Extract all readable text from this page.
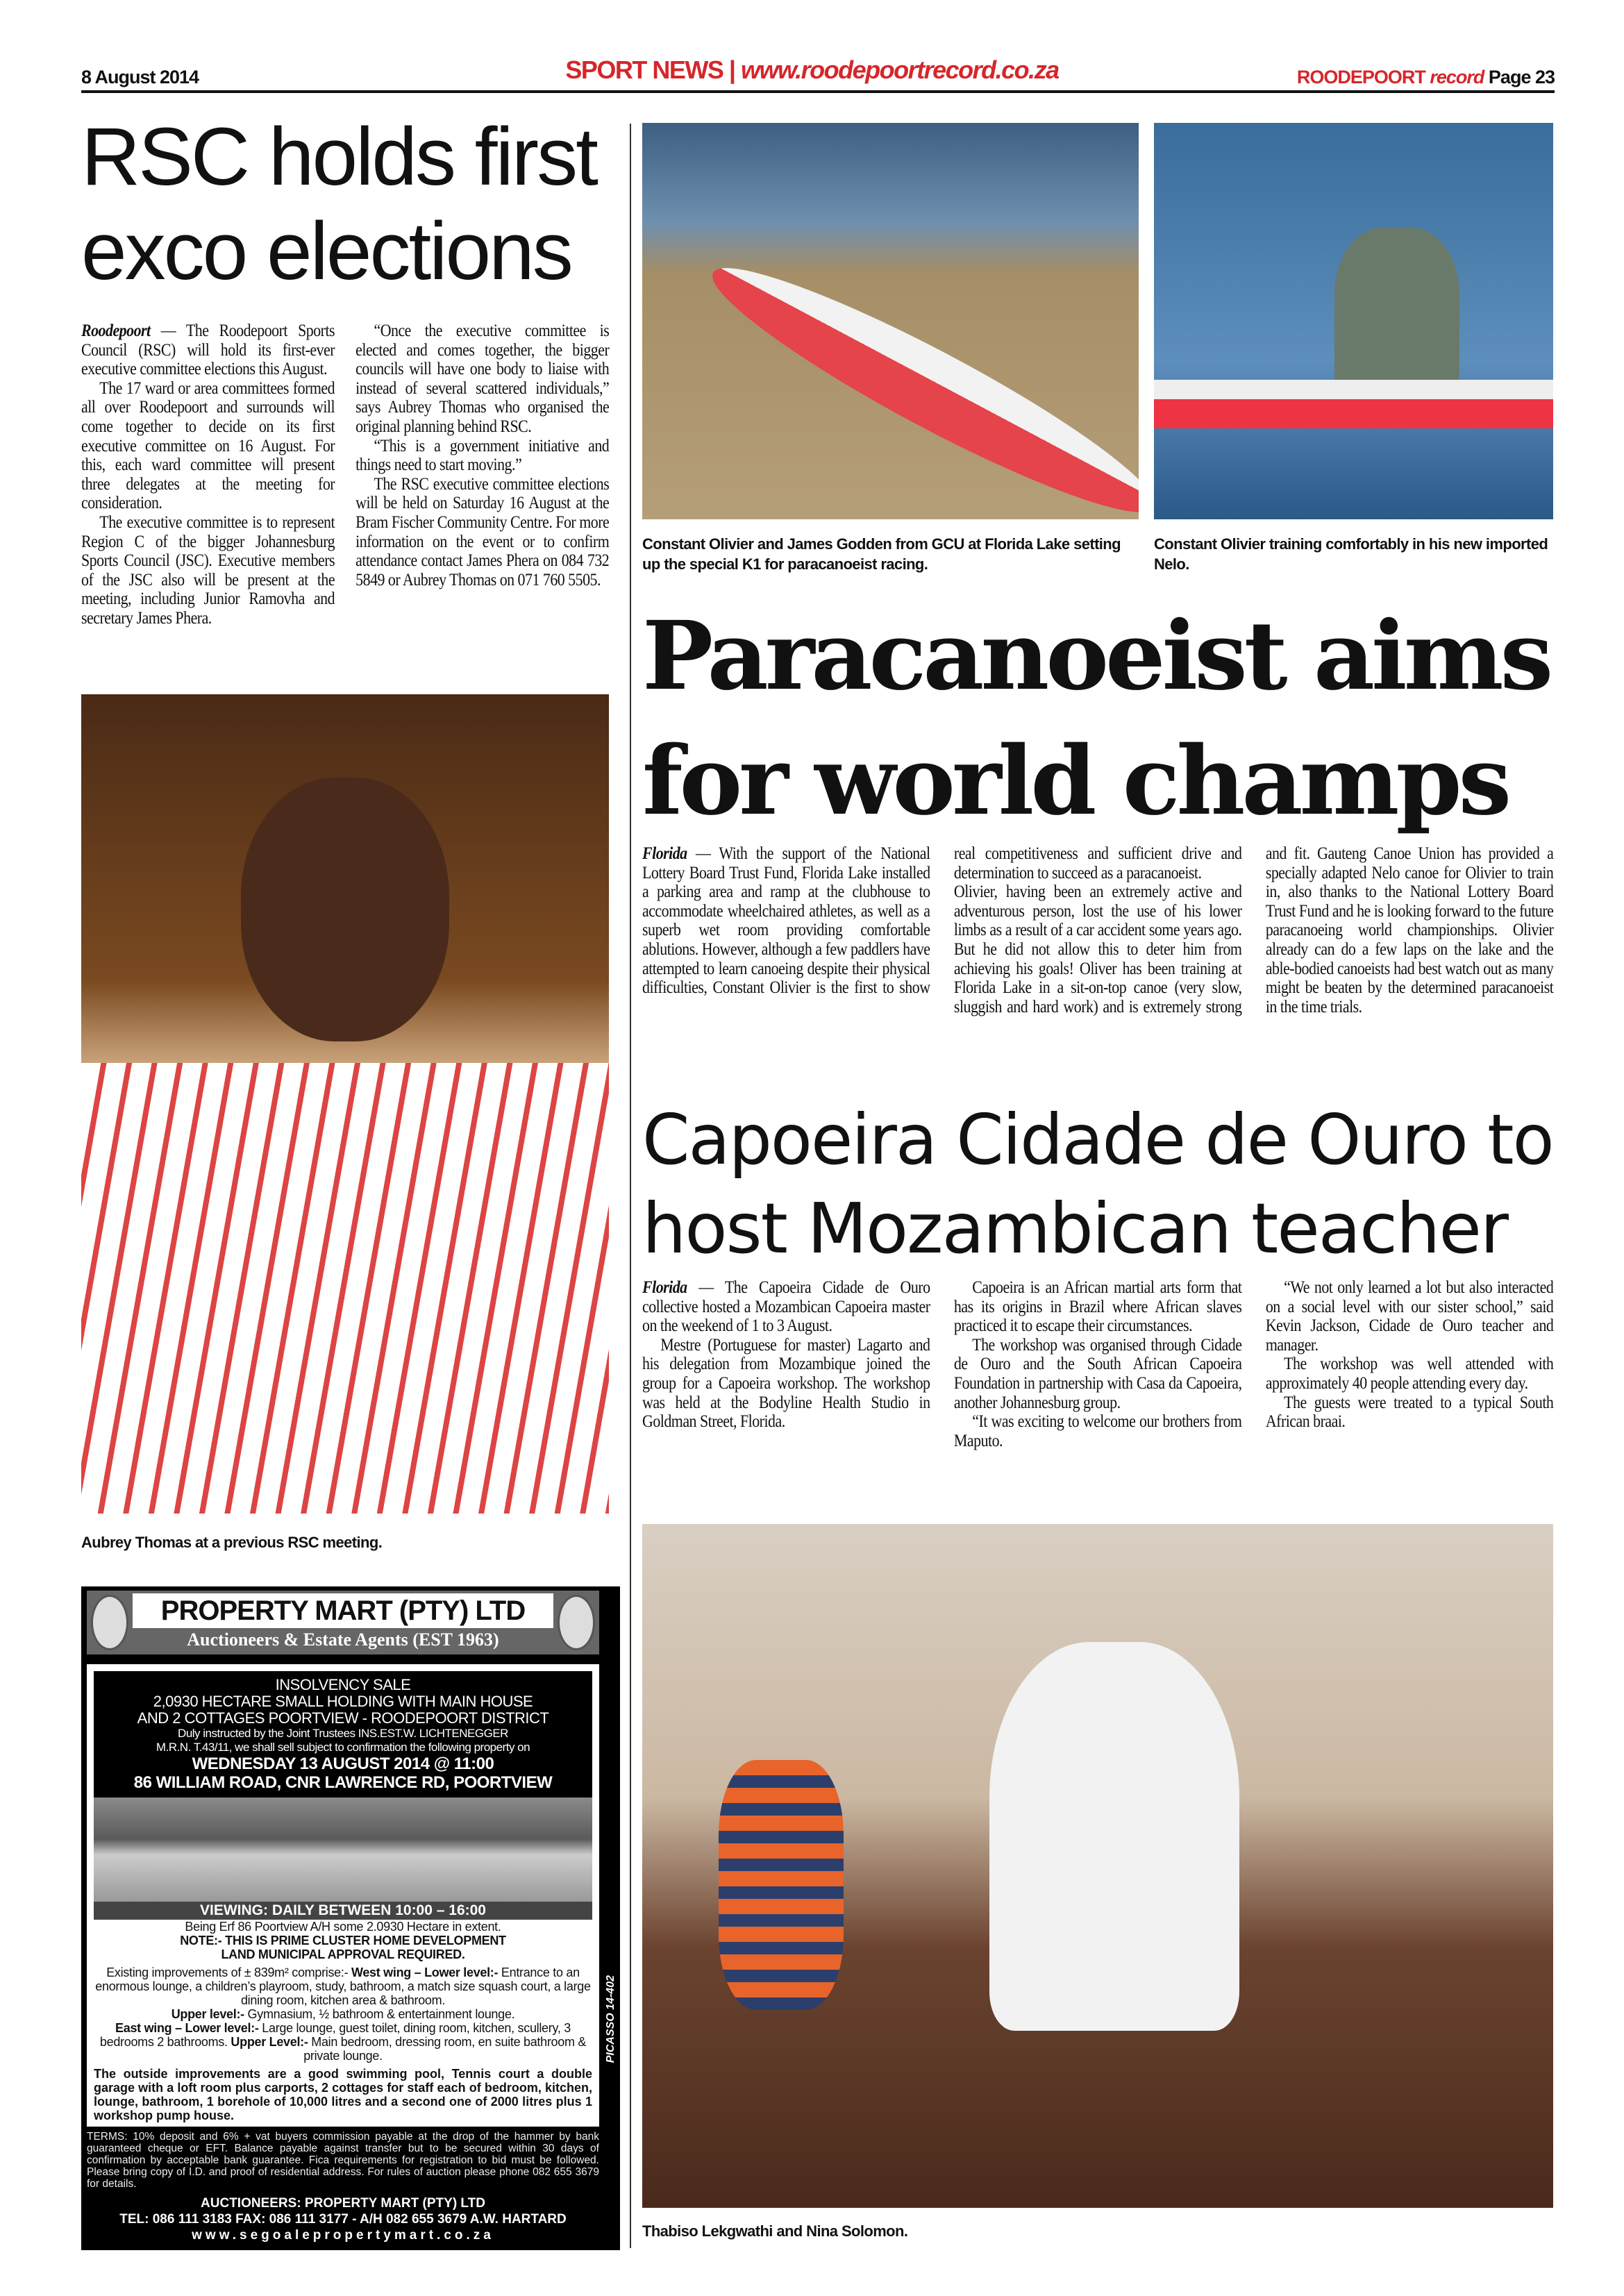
8 August 2014	SPORT NEWS | www.roodepoortrecord.co.za	ROODEPOORT record Page 23
RSC holds first
exco elections

Roodepoort — The Roodepoort Sports Council (RSC) will hold its first-ever executive committee elections this August.

The 17 ward or area committees formed all over Roodepoort and surrounds will come together to decide on its first executive committee on 16 August. For this, each ward committee will present three delegates at the meeting for consideration.

The executive committee is to represent Region C of the bigger Johannesburg Sports Council (JSC). Executive members of the JSC also will be present at the meeting, including Junior Ramovha and secretary James Phera.

“Once the executive committee is elected and comes together, the bigger councils will have one body to liaise with instead of several scattered individuals,” says Aubrey Thomas who organised the original planning behind RSC.

“This is a government initiative and things need to start moving.”

The RSC executive committee elections will be held on Saturday 16 August at the Bram Fischer Community Centre. For more information on the event or to confirm attendance contact James Phera on 084 732 5849 or Aubrey Thomas on 071 760 5505.

Aubrey Thomas at a previous RSC meeting.
PROPERTY MART (PTY) LTD
Auctioneers & Estate Agents (EST 1963)
INSOLVENCY SALE
2,0930 HECTARE SMALL HOLDING WITH MAIN HOUSE
AND 2 COTTAGES POORTVIEW - ROODEPOORT DISTRICT
Duly instructed by the Joint Trustees INS.EST.W. LICHTENEGGER
M.R.N. T.43/11, we shall sell subject to confirmation the following property on
WEDNESDAY 13 AUGUST 2014 @ 11:00
86 WILLIAM ROAD, CNR LAWRENCE RD, POORTVIEW
VIEWING: DAILY BETWEEN 10:00 – 16:00
Being Erf 86 Poortview A/H some 2.0930 Hectare in extent.
NOTE:- THIS IS PRIME CLUSTER HOME DEVELOPMENT
LAND MUNICIPAL APPROVAL REQUIRED.
Existing improvements of ± 839m² comprise:- West wing – Lower level:- Entrance to an enormous lounge, a children’s playroom, study, bathroom, a match size squash court, a large dining room, kitchen area & bathroom.
Upper level:- Gymnasium, ½ bathroom & entertainment lounge.
East wing – Lower level:- Large lounge, guest toilet, dining room, kitchen, scullery, 3 bedrooms 2 bathrooms. Upper Level:- Main bedroom, dressing room, en suite bathroom & private lounge.
The outside improvements are a good swimming pool, Tennis court a double garage with a loft room plus carports, 2 cottages for staff each of bedroom, kitchen, lounge, bathroom, 1 borehole of 10,000 litres and a second one of 2000 litres plus 1 workshop pump house.
TERMS: 10% deposit and 6% + vat buyers commission payable at the drop of the hammer by bank guaranteed cheque or EFT. Balance payable against transfer but to be secured within 30 days of confirmation by acceptable bank guarantee. Fica requirements for registration to bid must be followed. Please bring copy of I.D. and proof of residential address. For rules of auction please phone 082 655 3679 for details.
AUCTIONEERS: PROPERTY MART (PTY) LTD
TEL: 086 111 3183 FAX: 086 111 3177 - A/H 082 655 3679 A.W. HARTARD
www.segoalepropertymart.co.za
PICASSO 14-402
Constant Olivier and James Godden from GCU at Florida Lake setting up the special K1 for paracanoeist racing.
Constant Olivier training comfortably in his new imported Nelo.
Paracanoeist aims
for world champs

Florida — With the support of the National Lottery Board Trust Fund, Florida Lake installed a parking area and ramp at the clubhouse to accommodate wheelchaired athletes, as well as a superb wet room providing comfortable ablutions. However, although a few paddlers have attempted to learn canoeing despite their physical difficulties, Constant Olivier is the first to show real competitiveness and sufficient drive and determination to succeed as a paracanoeist.

Olivier, having been an extremely active and adventurous person, lost the use of his lower limbs as a result of a car accident some years ago. But he did not allow this to deter him from achieving his goals! Oliver has been training at Florida Lake in a sit-on-top canoe (very slow, sluggish and hard work) and is extremely strong and fit. Gauteng Canoe Union has provided a specially adapted Nelo canoe for Olivier to train in, also thanks to the National Lottery Board Trust Fund and he is looking forward to the future paracanoeing world championships. Olivier already can do a few laps on the lake and the able-bodied canoeists had best watch out as many might be beaten by the determined paracanoeist in the time trials.

Capoeira Cidade de Ouro to
host Mozambican teacher

Florida — The Capoeira Cidade de Ouro collective hosted a Mozambican Capoeira master on the weekend of 1 to 3 August.

Mestre (Portuguese for master) Lagarto and his delegation from Mozambique joined the group for a Capoeira workshop. The workshop was held at the Bodyline Health Studio in Goldman Street, Florida.

Capoeira is an African martial arts form that has its origins in Brazil where African slaves practiced it to escape their circumstances.

The workshop was organised through Cidade de Ouro and the South African Capoeira Foundation in partnership with Casa da Capoeira, another Johannesburg group.

“It was exciting to welcome our brothers from Maputo.

“We not only learned a lot but also interacted on a social level with our sister school,” said Kevin Jackson, Cidade de Ouro teacher and manager.

The workshop was well attended with approximately 40 people attending every day.

The guests were treated to a typical South African braai.

Thabiso Lekgwathi and Nina Solomon.
